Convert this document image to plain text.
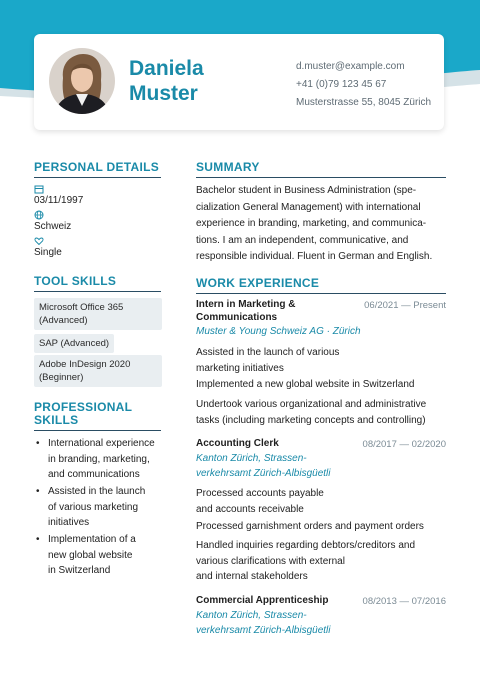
Daniela
Muster
d.muster@example.com
+41 (0)79 123 45 67
Musterstrasse 55, 8045 Zürich
PERSONAL DETAILS
03/11/1997
Schweiz
Single
TOOL SKILLS
Microsoft Office 365
(Advanced)
SAP (Advanced)
Adobe InDesign 2020
(Beginner)
PROFESSIONAL
SKILLS
• International experience
in branding, marketing,
and communications
• Assisted in the launch
of various marketing
initiatives
• Implementation of a
new global website
in Switzerland
SUMMARY
Bachelor student in Business Administration (spe-
cialization General Management) with international
experience in branding, marketing, and communica-
tions. I am an independent, communicative, and
responsible individual. Fluent in German and English.
WORK EXPERIENCE
Intern in Marketing &
Communications
06/2021 — Present
Muster & Young Schweiz AG · Zürich
Assisted in the launch of various
marketing initiatives
Implemented a new global website in Switzerland
Undertook various organizational and administrative
tasks (including marketing concepts and controlling)
Accounting Clerk	08/2017 — 02/2020
Kanton Zürich, Strassen-
verkehrsamt Zürich-Albisgüetli
Processed accounts payable
and accounts receivable
Processed garnishment orders and payment orders
Handled inquiries regarding debtors/creditors and
various clarifications with external
and internal stakeholders
Commercial Apprenticeship	08/2013 — 07/2016
Kanton Zürich, Strassen-
verkehrsamt Zürich-Albisgüetli
